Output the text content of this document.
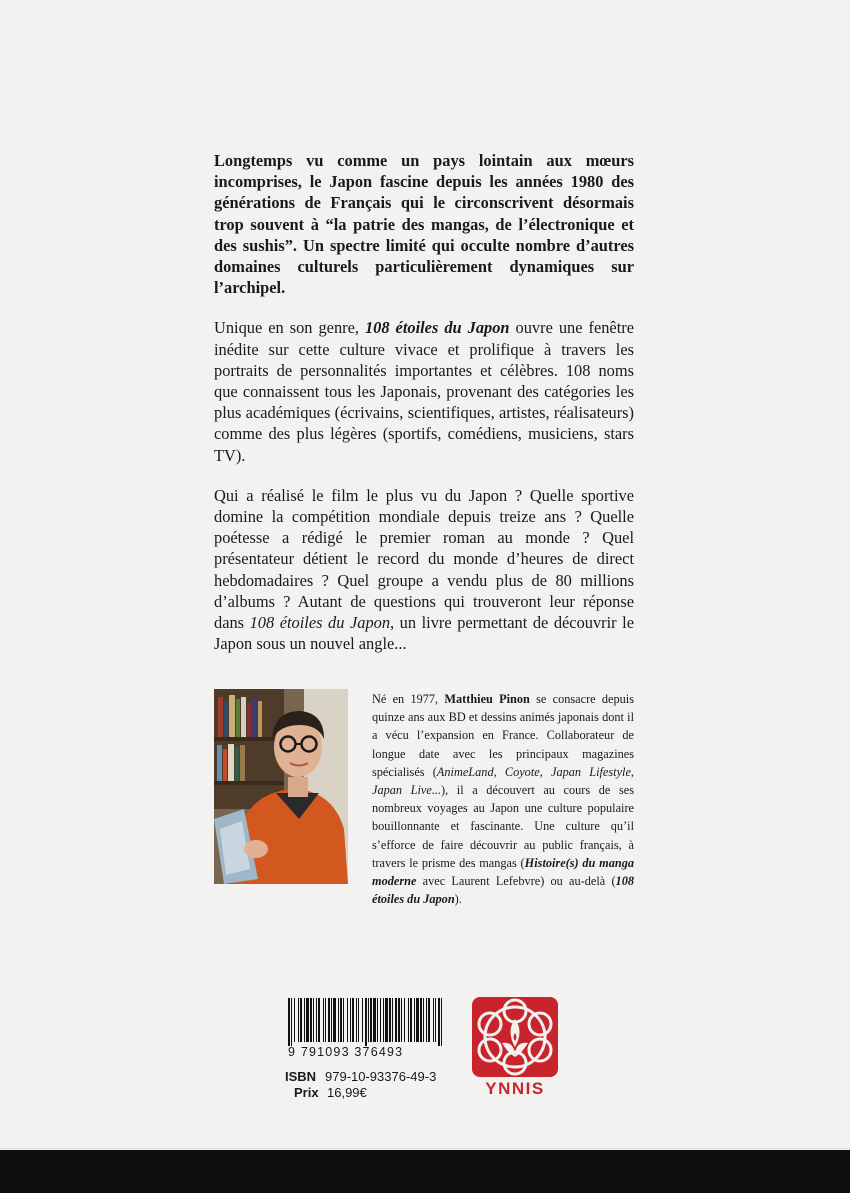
Longtemps vu comme un pays lointain aux mœurs incomprises, le Japon fascine depuis les années 1980 des générations de Français qui le circonscrivent désormais trop souvent à “la patrie des mangas, de l’électronique et des sushis”. Un spectre limité qui occulte nombre d’autres domaines culturels particulièrement dynamiques sur l’archipel.

Unique en son genre, 108 étoiles du Japon ouvre une fenêtre inédite sur cette culture vivace et prolifique à travers les portraits de personnalités importantes et célèbres. 108 noms que connaissent tous les Japonais, provenant des catégories les plus académiques (écrivains, scientifiques, artistes, réalisateurs) comme des plus légères (sportifs, comédiens, musiciens, stars TV).

Qui a réalisé le film le plus vu du Japon ? Quelle sportive domine la compétition mondiale depuis treize ans ? Quelle poétesse a rédigé le premier roman au monde ? Quel présentateur détient le record du monde d’heures de direct hebdomadaires ? Quel groupe a vendu plus de 80 millions d’albums ? Autant de questions qui trouveront leur réponse dans 108 étoiles du Japon, un livre permettant de découvrir le Japon sous un nouvel angle...

Né en 1977, Matthieu Pinon se consacre depuis quinze ans aux BD et dessins animés japonais dont il a vécu l’expansion en France. Collaborateur de longue date avec les principaux magazines spécialisés (AnimeLand, Coyote, Japan Lifestyle, Japan Live...), il a découvert au cours de ses nombreux voyages au Japon une culture populaire bouillonnante et fascinante. Une culture qu’il s’efforce de faire découvrir au public français, à travers le prisme des mangas (Histoire(s) du manga moderne avec Laurent Lefebvre) ou au-delà (108 étoiles du Japon).

9 791093 376493
ISBN 979-10-93376-49-3
Prix 16,99€	YNNIS
